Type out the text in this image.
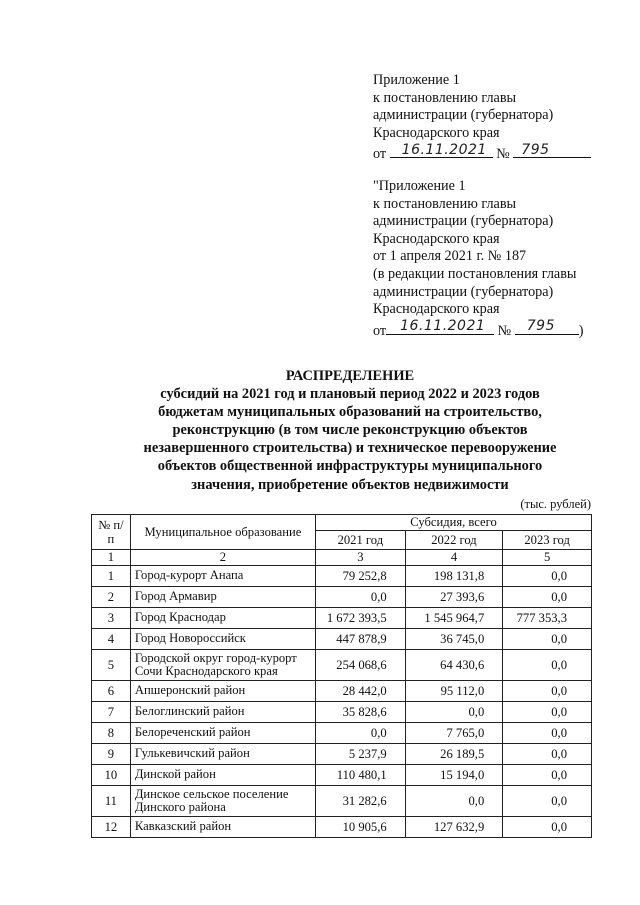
Приложение 1
к постановлению главы
администрации (губернатора)
Краснодарского края
от 16.11.2021 № 795
"Приложение 1
к постановлению главы
администрации (губернатора)
Краснодарского края
от 1 апреля 2021 г. № 187
(в редакции постановления главы
администрации (губернатора)
Краснодарского края
от 16.11.2021 № 795 )
РАСПРЕДЕЛЕНИЕ
субсидий на 2021 год и плановый период 2022 и 2023 годов
бюджетам муниципальных образований на строительство,
реконструкцию (в том числе реконструкцию объектов
незавершенного строительства) и техническое перевооружение
объектов общественной инфраструктуры муниципального
значения, приобретение объектов недвижимости
(тыс. рублей)
№ п/п	Муниципальное образование	Субсидия, всего		
		2021 год	2022 год	2023 год
1	2	3	4	5
1	Город-курорт Анапа	79 252,8	198 131,8	0,0
2	Город Армавир	0,0	27 393,6	0,0
3	Город Краснодар	1 672 393,5	1 545 964,7	777 353,3
4	Город Новороссийск	447 878,9	36 745,0	0,0
5	Городской округ город-курорт Сочи Краснодарского края	254 068,6	64 430,6	0,0
6	Апшеронский район	28 442,0	95 112,0	0,0
7	Белоглинский район	35 828,6	0,0	0,0
8	Белореченский район	0,0	7 765,0	0,0
9	Гулькевичский район	5 237,9	26 189,5	0,0
10	Динской район	110 480,1	15 194,0	0,0
11	Динское сельское поселение Динского района	31 282,6	0,0	0,0
12	Кавказский район	10 905,6	127 632,9	0,0
